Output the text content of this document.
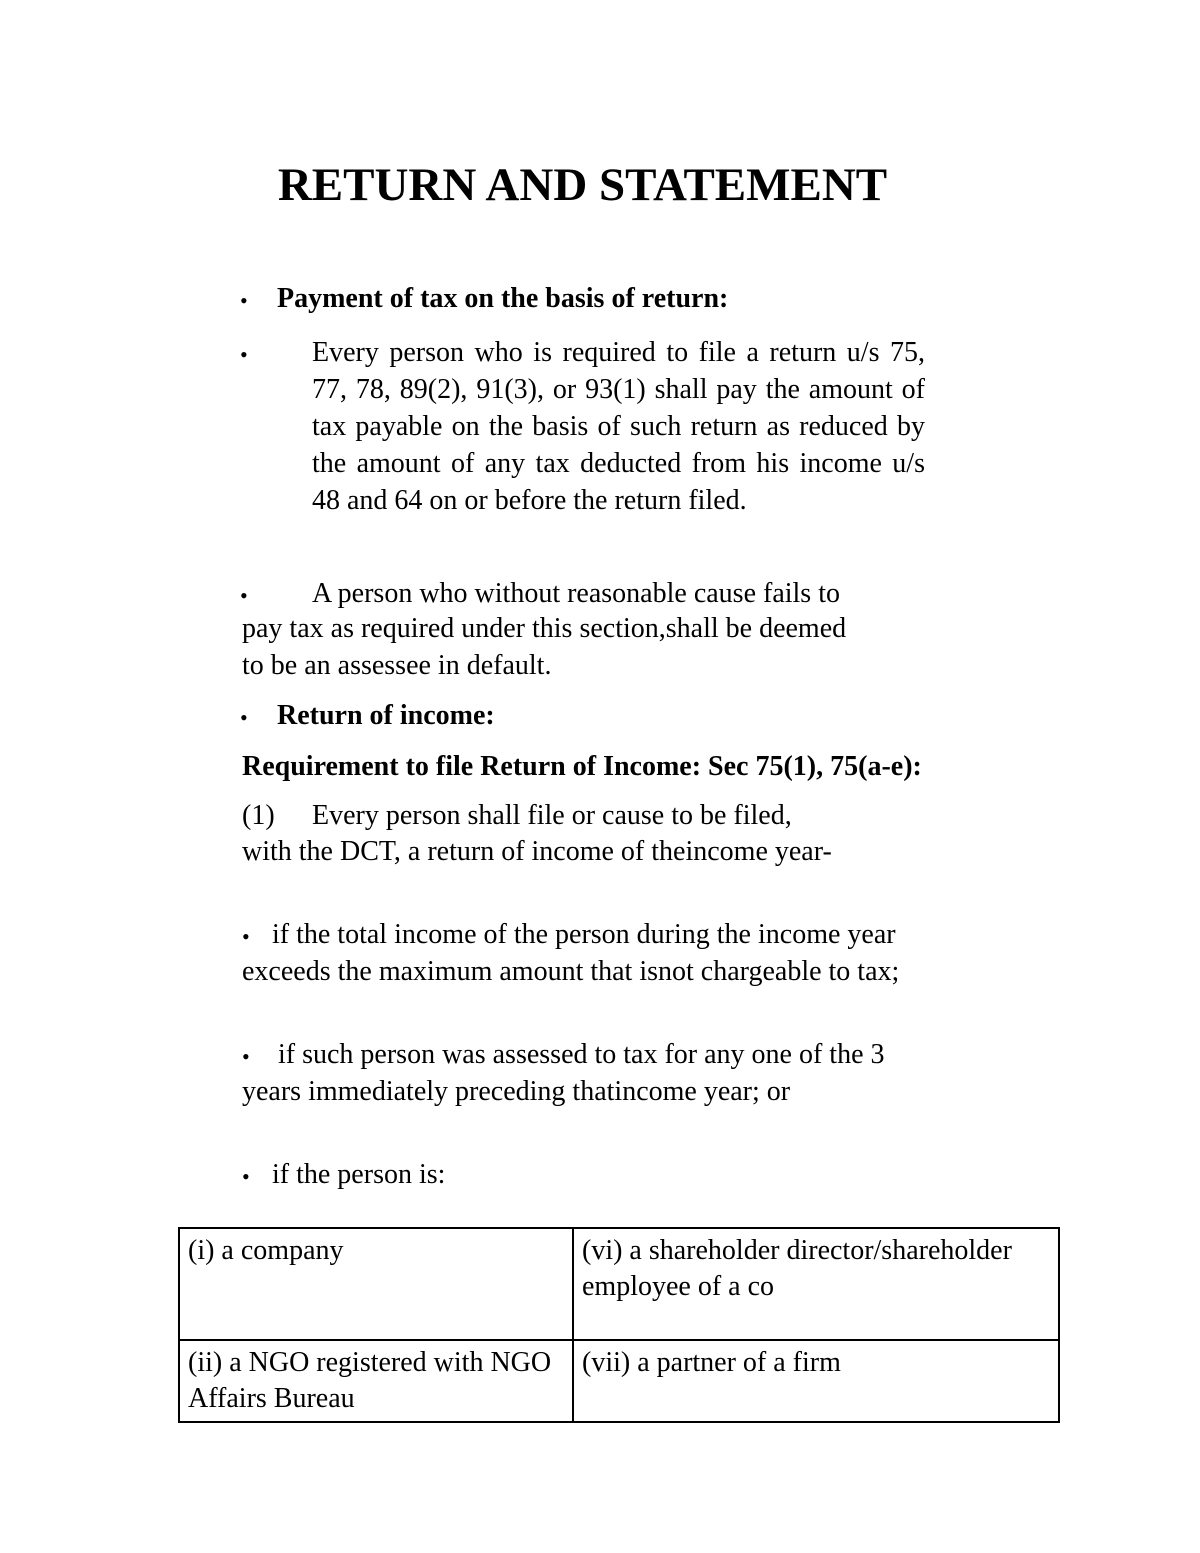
RETURN AND STATEMENT
• Payment of tax on the basis of return:

• Every person who is required to file a return u/s 75, 77, 78, 89(2), 91(3), or 93(1) shall pay the amount of tax payable on the basis of such return as reduced by the amount of any tax deducted from his income u/s 48 and 64 on or before the return filed.

• A person who without reasonable cause fails to

pay tax as required under this section,shall be deemed to be an assessee in default.

• Return of income:

Requirement to file Return of Income: Sec 75(1), 75(a-e):

(1) Every person shall file or cause to be filed,

with the DCT, a return of income of theincome year-

• if the total income of the person during the income year exceeds the maximum amount that isnot chargeable to tax;

•	if such person was assessed to tax for any one of the 3 years immediately preceding thatincome year; or

• if the person is:

(i) a company	(vi) a shareholder director/shareholder employee of a co
(ii) a NGO registered with NGO Affairs Bureau	(vii) a partner of a firm
